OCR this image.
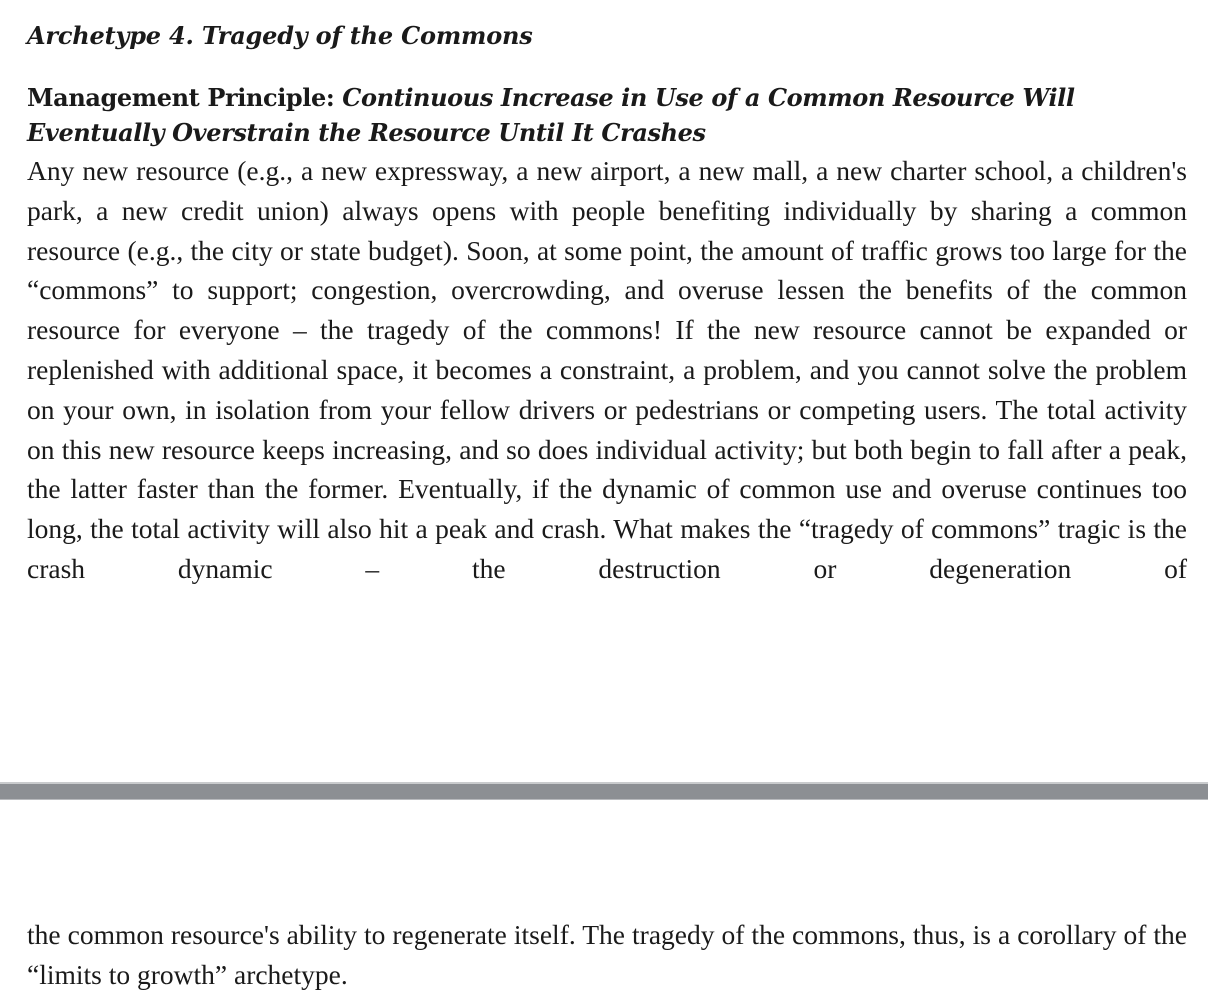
Archetype 4. Tragedy of the Commons

Management Principle: Continuous Increase in Use of a Common Resource Will Eventually Overstrain the Resource Until It Crashes

Any new resource (e.g., a new expressway, a new airport, a new mall, a new charter school, a children's park, a new credit union) always opens with people benefiting individually by sharing a common resource (e.g., the city or state budget). Soon, at some point, the amount of traffic grows too large for the “commons” to support; congestion, overcrowding, and overuse lessen the benefits of the common resource for everyone – the tragedy of the commons! If the new resource cannot be expanded or replenished with additional space, it becomes a constraint, a problem, and you cannot solve the problem on your own, in isolation from your fellow drivers or pedestrians or competing users. The total activity on this new resource keeps increasing, and so does individual activity; but both begin to fall after a peak, the latter faster than the former. Eventually, if the dynamic of common use and overuse continues too long, the total activity will also hit a peak and crash. What makes the “tragedy of commons” tragic is the crash dynamic – the destruction or degeneration of

the common resource's ability to regenerate itself. The tragedy of the commons, thus, is a corollary of the “limits to growth” archetype.
